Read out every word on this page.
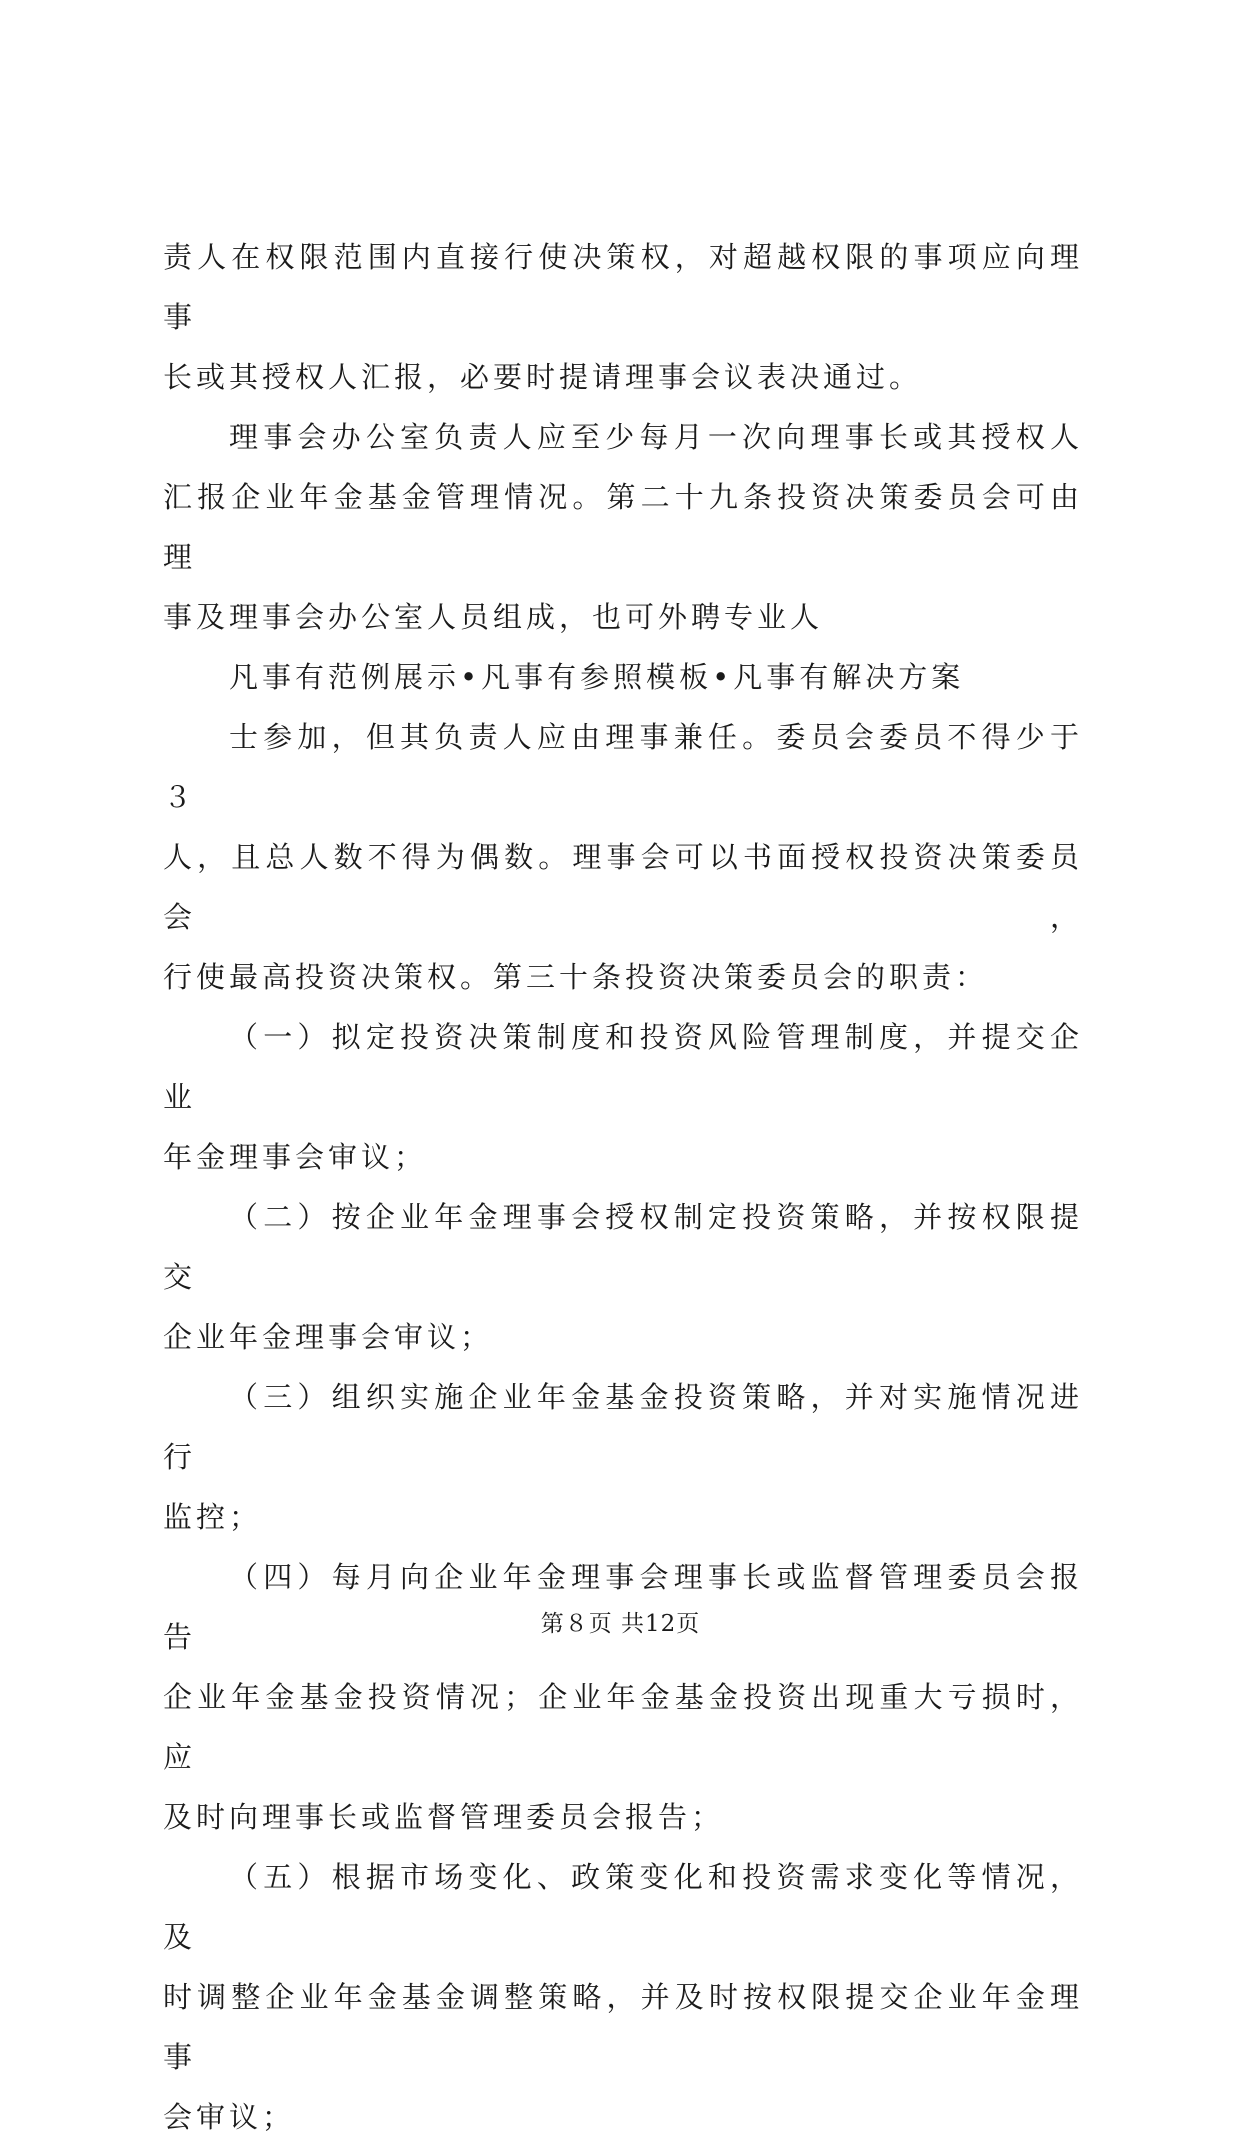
责人在权限范围内直接行使决策权，对超越权限的事项应向理事

长或其授权人汇报，必要时提请理事会议表决通过。

理事会办公室负责人应至少每月一次向理事长或其授权人

汇报企业年金基金管理情况。第二十九条投资决策委员会可由理

事及理事会办公室人员组成，也可外聘专业人

凡事有范例展示•凡事有参照模板•凡事有解决方案

士参加，但其负责人应由理事兼任。委员会委员不得少于３

人，且总人数不得为偶数。理事会可以书面授权投资决策委员会，

行使最高投资决策权。第三十条投资决策委员会的职责：

（一）拟定投资决策制度和投资风险管理制度，并提交企业

年金理事会审议；

（二）按企业年金理事会授权制定投资策略，并按权限提交

企业年金理事会审议；

（三）组织实施企业年金基金投资策略，并对实施情况进行

监控；

（四）每月向企业年金理事会理事长或监督管理委员会报告

企业年金基金投资情况；企业年金基金投资出现重大亏损时，应

及时向理事长或监督管理委员会报告；

（五）根据市场变化、政策变化和投资需求变化等情况，及

时调整企业年金基金调整策略，并及时按权限提交企业年金理事

会审议；

第８页 共12页
